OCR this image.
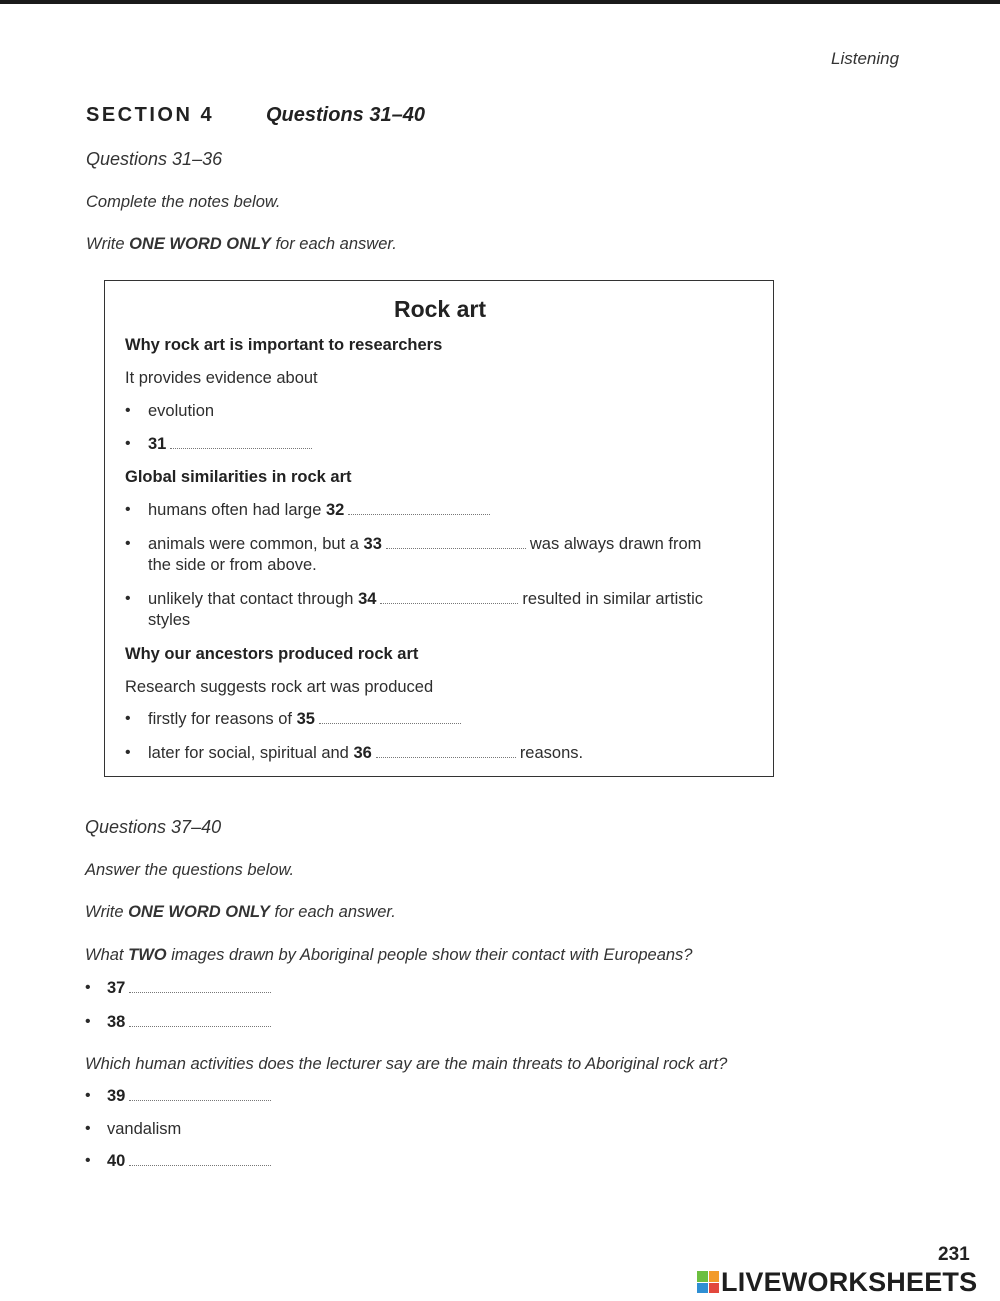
Listening
SECTION 4	Questions 31–40
Questions 31–36
Complete the notes below.
Write ONE WORD ONLY for each answer.
Rock art
Why rock art is important to researchers
It provides evidence about
• evolution
• 31
Global similarities in rock art
• humans often had large 32
• animals were common, but a 33	was always drawn from
the side or from above.
• unlikely that contact through 34	resulted in similar artistic
styles
Why our ancestors produced rock art
Research suggests rock art was produced
• firstly for reasons of 35
• later for social, spiritual and 36	reasons.
Questions 37–40
Answer the questions below.
Write ONE WORD ONLY for each answer.
What TWO images drawn by Aboriginal people show their contact with Europeans?
• 37
• 38
Which human activities does the lecturer say are the main threats to Aboriginal rock art?
• 39
• vandalism
• 40
231
LIVEWORKSHEETS
